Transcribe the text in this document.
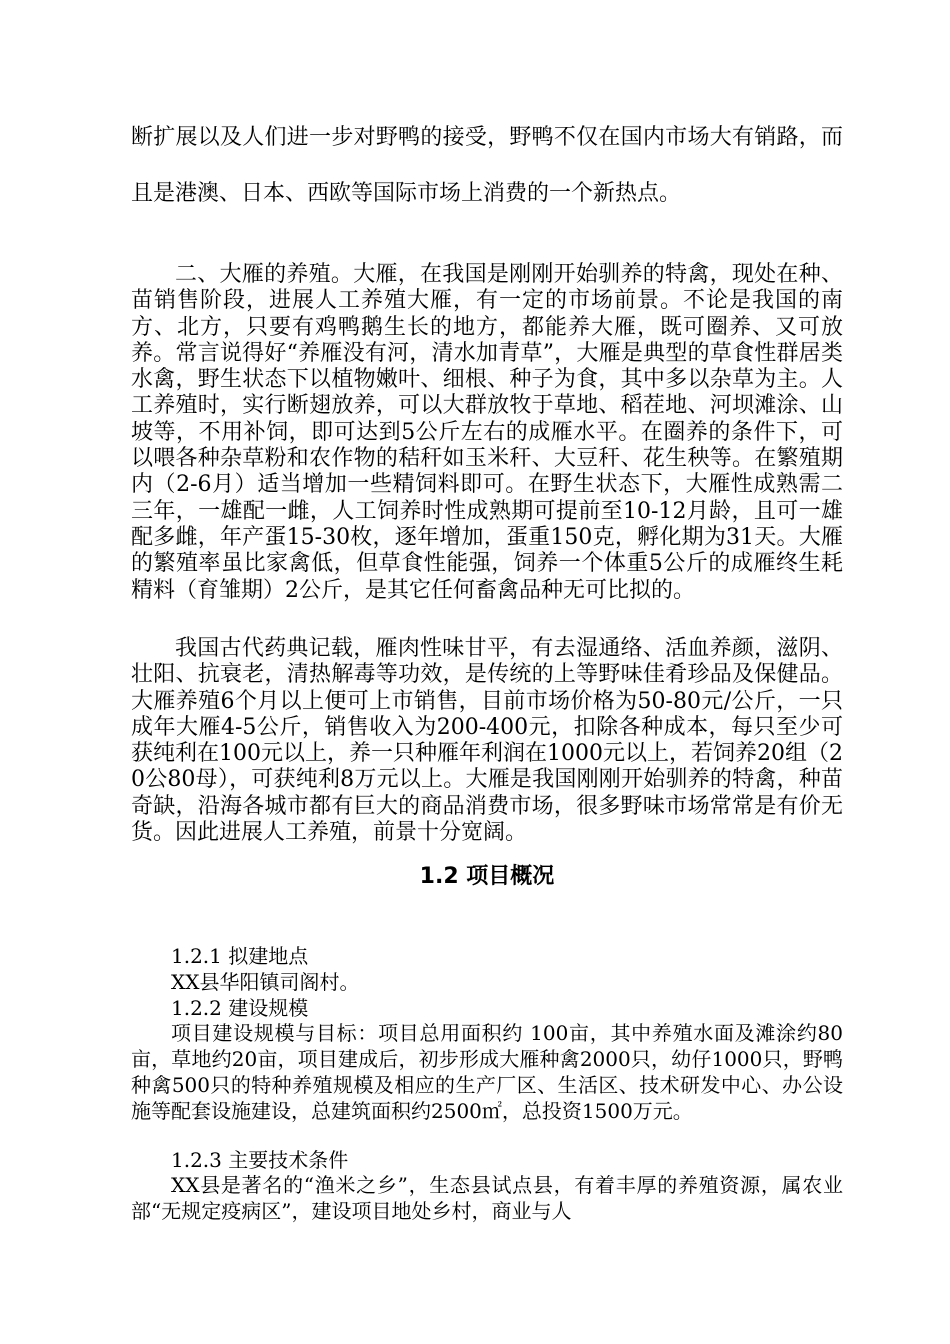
断扩展以及人们进一步对野鸭的接受，野鸭不仅在国内市场大有销路，而且是港澳、日本、西欧等国际市场上消费的一个新热点。

二、大雁的养殖。大雁，在我国是刚刚开始驯养的特禽，现处在种、苗销售阶段，进展人工养殖大雁，有一定的市场前景。不论是我国的南方、北方，只要有鸡鸭鹅生长的地方，都能养大雁，既可圈养、又可放养。常言说得好“养雁没有河，清水加青草”，大雁是典型的草食性群居类水禽，野生状态下以植物嫩叶、细根、种子为食，其中多以杂草为主。人工养殖时，实行断翅放养，可以大群放牧于草地、稻茬地、河坝滩涂、山坡等，不用补饲，即可达到5公斤左右的成雁水平。在圈养的条件下，可以喂各种杂草粉和农作物的秸秆如玉米秆、大豆秆、花生秧等。在繁殖期内（2-6月）适当增加一些精饲料即可。在野生状态下，大雁性成熟需二三年，一雄配一雌，人工饲养时性成熟期可提前至10-12月龄，且可一雄配多雌，年产蛋15-30枚，逐年增加，蛋重150克，孵化期为31天。大雁的繁殖率虽比家禽低，但草食性能强，饲养一个体重5公斤的成雁终生耗精料（育雏期）2公斤，是其它任何畜禽品种无可比拟的。

我国古代药典记载，雁肉性味甘平，有去湿通络、活血养颜，滋阴、壮阳、抗衰老，清热解毒等功效，是传统的上等野味佳肴珍品及保健品。大雁养殖6个月以上便可上市销售，目前市场价格为50-80元/公斤，一只成年大雁4-5公斤，销售收入为200-400元，扣除各种成本，每只至少可获纯利在100元以上，养一只种雁年利润在1000元以上，若饲养20组（20公80母），可获纯利8万元以上。大雁是我国刚刚开始驯养的特禽，种苗奇缺，沿海各城市都有巨大的商品消费市场，很多野味市场常常是有价无货。因此进展人工养殖，前景十分宽阔。

1.2 项目概况

1.2.1 拟建地点

XX县华阳镇司阁村。

1.2.2 建设规模

项目建设规模与目标：项目总用面积约 100亩，其中养殖水面及滩涂约80亩，草地约20亩，项目建成后，初步形成大雁种禽2000只，幼仔1000只，野鸭种禽500只的特种养殖规模及相应的生产厂区、生活区、技术研发中心、办公设施等配套设施建设，总建筑面积约2500㎡，总投资1500万元。

1.2.3 主要技术条件

XX县是著名的“渔米之乡”，生态县试点县，有着丰厚的养殖资源，属农业部“无规定疫病区”，建设项目地处乡村，商业与人
